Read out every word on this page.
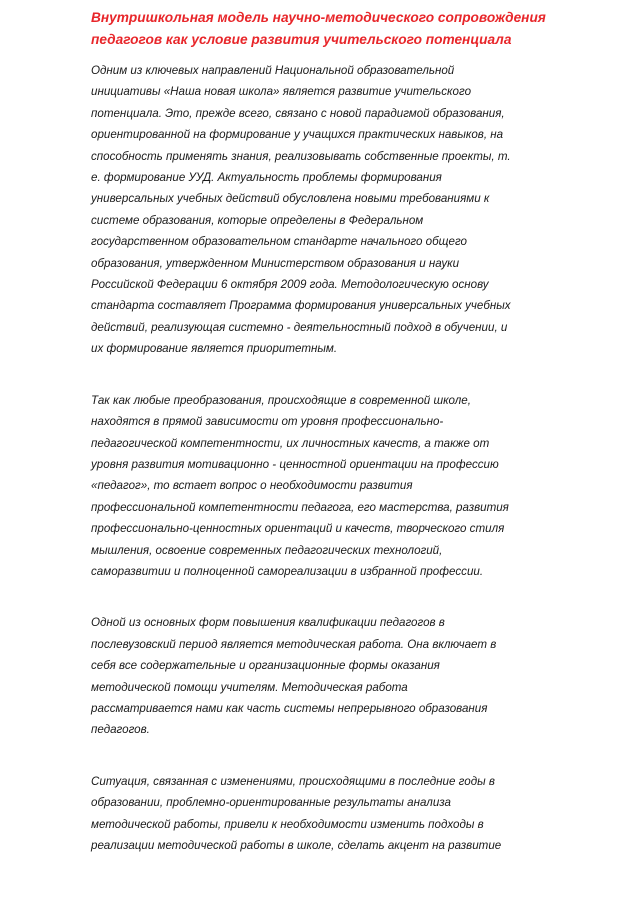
Внутришкольная модель научно-методического сопровождения
педагогов как условие развития учительского потенциала
Одним из ключевых направлений Национальной образовательной
инициативы «Наша новая школа» является развитие учительского
потенциала. Это, прежде всего, связано с новой парадигмой образования,
ориентированной на формирование у учащихся практических навыков, на
способность применять знания, реализовывать собственные проекты, т.
е. формирование УУД. Актуальность проблемы формирования
универсальных учебных действий обусловлена новыми требованиями к
системе образования, которые определены в Федеральном
государственном образовательном стандарте начального общего
образования, утвержденном Министерством образования и науки
Российской Федерации 6 октября 2009 года. Методологическую основу
стандарта составляет Программа формирования универсальных учебных
действий, реализующая системно - деятельностный подход в обучении, и
их формирование является приоритетным.
Так как любые преобразования, происходящие в современной школе,
находятся в прямой зависимости от уровня профессионально-
педагогической компетентности, их личностных качеств, а также от
уровня развития мотивационно - ценностной ориентации на профессию
«педагог», то встает вопрос о необходимости развития
профессиональной компетентности педагога, его мастерства, развития
профессионально-ценностных ориентаций и качеств, творческого стиля
мышления, освоение современных педагогических технологий,
саморазвитии и полноценной самореализации в избранной профессии.
Одной из основных форм повышения квалификации педагогов в
послевузовский период является методическая работа. Она включает в
себя все содержательные и организационные формы оказания
методической помощи учителям. Методическая работа
рассматривается нами как часть системы непрерывного образования
педагогов.
Ситуация, связанная с изменениями, происходящими в последние годы в
образовании, проблемно-ориентированные результаты анализа
методической работы, привели к необходимости изменить подходы в
реализации методической работы в школе, сделать акцент на развитие
